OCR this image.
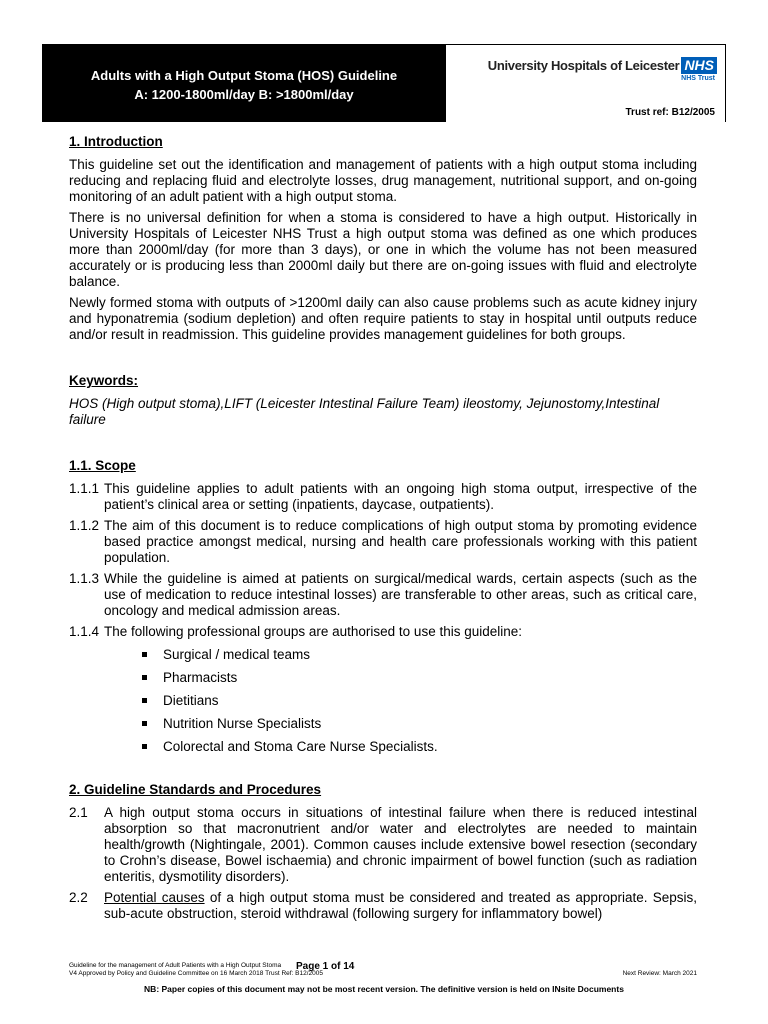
Adults with a High Output Stoma (HOS) Guideline
A: 1200-1800ml/day B: >1800ml/day
University Hospitals of Leicester NHS
NHS Trust
Trust ref: B12/2005

1. Introduction

This guideline set out the identification and management of patients with a high output stoma including reducing and replacing fluid and electrolyte losses, drug management, nutritional support, and on-going monitoring of an adult patient with a high output stoma.

There is no universal definition for when a stoma is considered to have a high output. Historically in University Hospitals of Leicester NHS Trust a high output stoma was defined as one which produces more than 2000ml/day (for more than 3 days), or one in which the volume has not been measured accurately or is producing less than 2000ml daily but there are on-going issues with fluid and electrolyte balance.

Newly formed stoma with outputs of >1200ml daily can also cause problems such as acute kidney injury and hyponatremia (sodium depletion) and often require patients to stay in hospital until outputs reduce and/or result in readmission. This guideline provides management guidelines for both groups.

Keywords:

HOS (High output stoma),LIFT (Leicester Intestinal Failure Team) ileostomy, Jejunostomy,Intestinal failure

1.1. Scope

1.1.1 This guideline applies to adult patients with an ongoing high stoma output, irrespective of the patient’s clinical area or setting (inpatients, daycase, outpatients).
1.1.2 The aim of this document is to reduce complications of high output stoma by promoting evidence based practice amongst medical, nursing and health care professionals working with this patient population.
1.1.3 While the guideline is aimed at patients on surgical/medical wards, certain aspects (such as the use of medication to reduce intestinal losses) are transferable to other areas, such as critical care, oncology and medical admission areas.
1.1.4 The following professional groups are authorised to use this guideline:
Surgical / medical teams
Pharmacists
Dietitians
Nutrition Nurse Specialists
Colorectal and Stoma Care Nurse Specialists.

2. Guideline Standards and Procedures

2.1	A high output stoma occurs in situations of intestinal failure when there is reduced intestinal absorption so that macronutrient and/or water and electrolytes are needed to maintain health/growth (Nightingale, 2001). Common causes include extensive bowel resection (secondary to Crohn’s disease, Bowel ischaemia) and chronic impairment of bowel function (such as radiation enteritis, dysmotility disorders).
2.2	Potential causes of a high output stoma must be considered and treated as appropriate. Sepsis, sub-acute obstruction, steroid withdrawal (following surgery for inflammatory bowel)
Guideline for the management of Adult Patients with a High Output Stoma
V4 Approved by Policy and Guideline Committee on 16 March 2018 Trust Ref: B12/2005	Next Review: March 2021
Page 1 of 14
NB: Paper copies of this document may not be most recent version. The definitive version is held on INsite Documents
